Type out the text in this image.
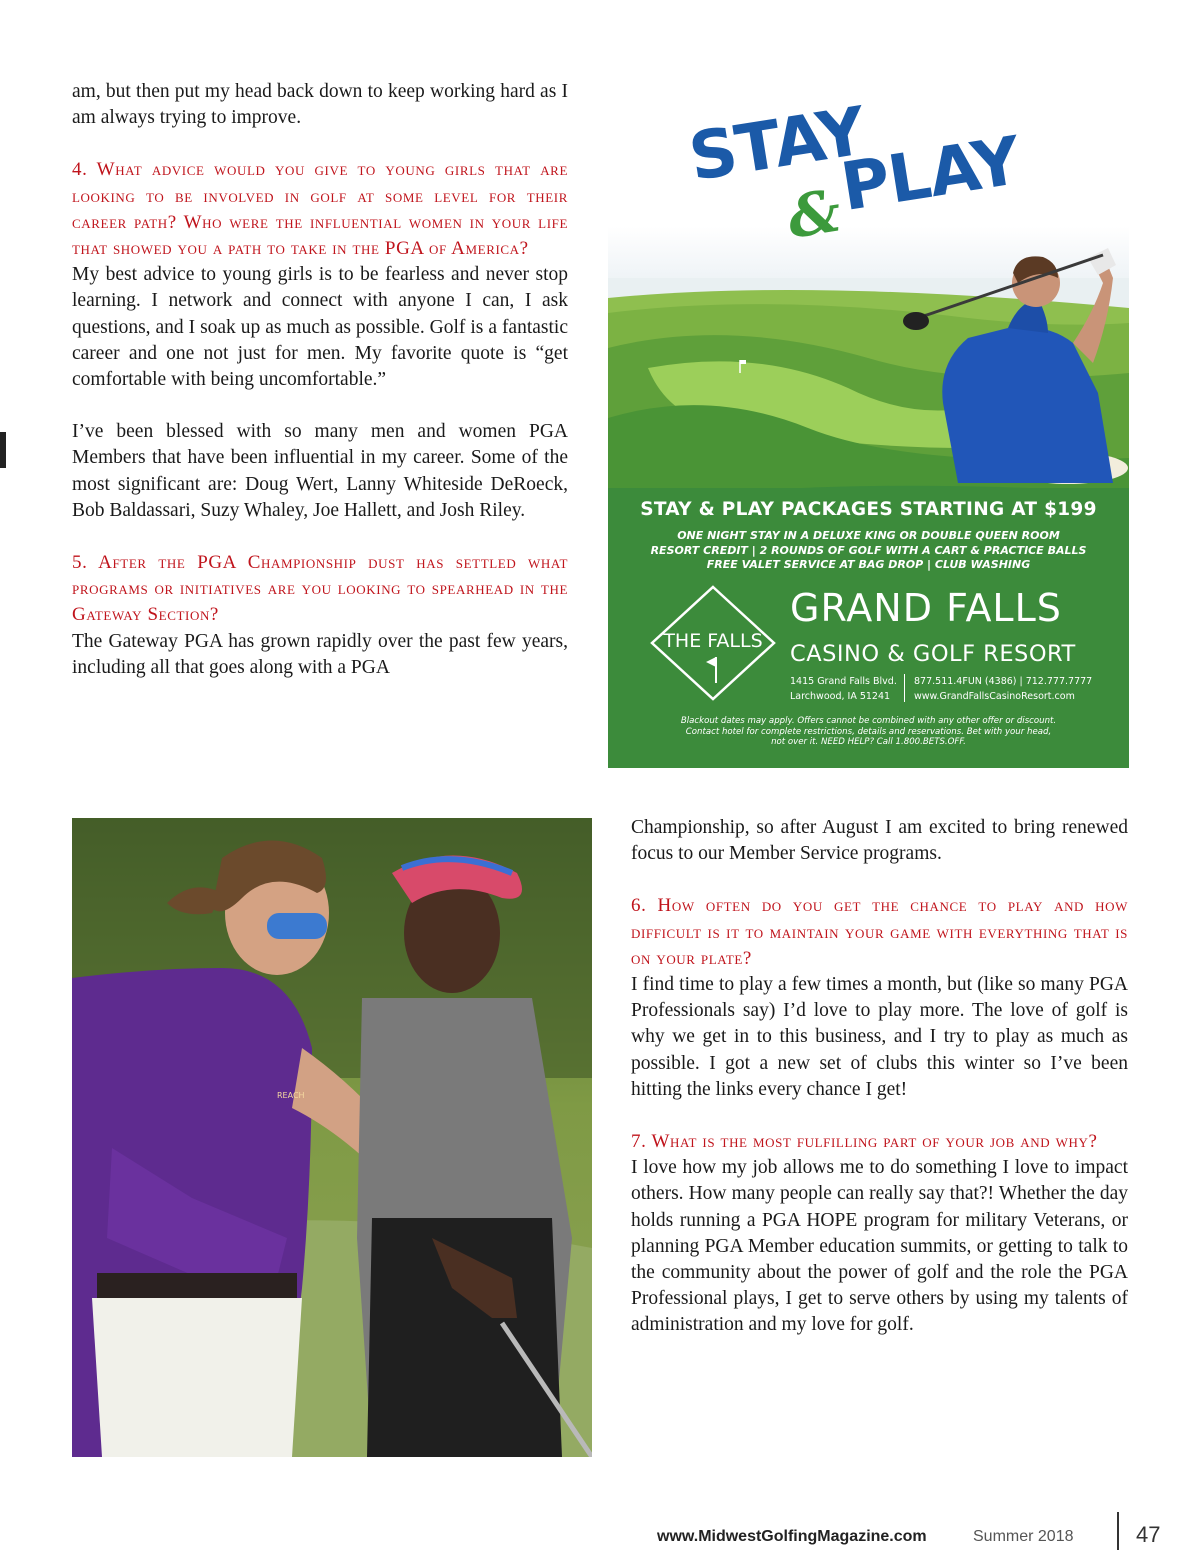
am, but then put my head back down to keep working hard as I am always trying to improve.

4. What advice would you give to young girls that are looking to be involved in golf at some level for their career path? Who were the influential women in your life that showed you a path to take in the PGA of America?

My best advice to young girls is to be fearless and never stop learning. I network and connect with anyone I can, I ask questions, and I soak up as much as possible. Golf is a fantastic career and one not just for men. My favorite quote is “get comfortable with being uncomfortable.”

I’ve been blessed with so many men and women PGA Members that have been influential in my career. Some of the most significant are: Doug Wert, Lanny Whiteside DeRoeck, Bob Baldassari, Suzy Whaley, Joe Hallett, and Josh Riley.

5. After the PGA Championship dust has settled what programs or initiatives are you looking to spearhead in the Gateway Section?

The Gateway PGA has grown rapidly over the past few years, including all that goes along with a PGA

STAY
&
PLAY
STAY & PLAY PACKAGES STARTING AT $199
ONE NIGHT STAY IN A DELUXE KING OR DOUBLE QUEEN ROOM
RESORT CREDIT | 2 ROUNDS OF GOLF WITH A CART & PRACTICE BALLS
FREE VALET SERVICE AT BAG DROP | CLUB WASHING
THE FALLS
GRAND FALLS
CASINO & GOLF RESORT
1415 Grand Falls Blvd.
Larchwood, IA 51241
877.511.4FUN (4386) | 712.777.7777
www.GrandFallsCasinoResort.com
Blackout dates may apply. Offers cannot be combined with any other offer or discount.
Contact hotel for complete restrictions, details and reservations. Bet with your head,
not over it. NEED HELP? Call 1.800.BETS.OFF.
REACH

Championship, so after August I am excited to bring renewed focus to our Member Service programs.

6. How often do you get the chance to play and how difficult is it to maintain your game with everything that is on your plate?

I find time to play a few times a month, but (like so many PGA Professionals say) I’d love to play more. The love of golf is why we get in to this business, and I try to play as much as possible. I got a new set of clubs this winter so I’ve been hitting the links every chance I get!

7. What is the most fulfilling part of your job and why?

I love how my job allows me to do something I love to impact others. How many people can really say that?! Whether the day holds running a PGA HOPE program for military Veterans, or planning PGA Member education summits, or getting to talk to the community about the power of golf and the role the PGA Professional plays, I get to serve others by using my talents of administration and my love for golf.

www.MidwestGolfingMagazine.com	Summer 2018	47
